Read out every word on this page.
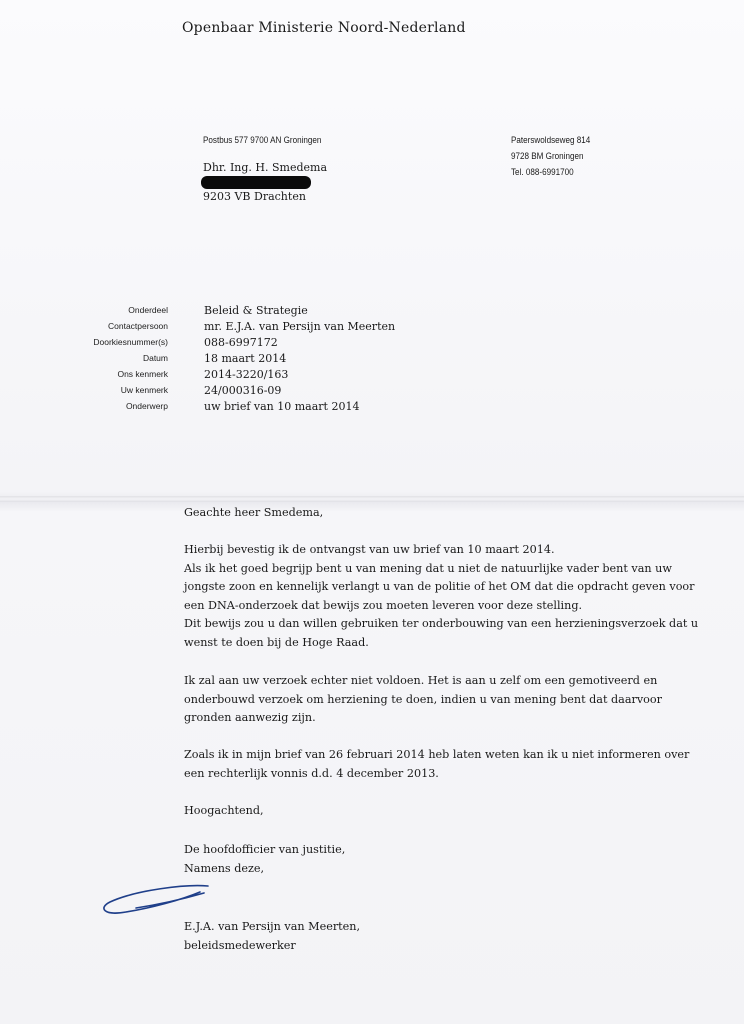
Openbaar Ministerie Noord-Nederland
Postbus 577 9700 AN Groningen	Paterswoldseweg 814
9728 BM Groningen
Tel. 088-6991700
Dhr. Ing. H. Smedema
9203 VB Drachten
Onderdeel	Beleid & Strategie
Contactpersoon	mr. E.J.A. van Persijn van Meerten
Doorkiesnummer(s)	088-6997172
Datum	18 maart 2014
Ons kenmerk	2014-3220/163
Uw kenmerk	24/000316-09
Onderwerp	uw brief van 10 maart 2014
Geachte heer Smedema,
Hierbij bevestig ik de ontvangst van uw brief van 10 maart 2014.
Als ik het goed begrijp bent u van mening dat u niet de natuurlijke vader bent van uw
jongste zoon en kennelijk verlangt u van de politie of het OM dat die opdracht geven voor
een DNA-onderzoek dat bewijs zou moeten leveren voor deze stelling.
Dit bewijs zou u dan willen gebruiken ter onderbouwing van een herzieningsverzoek dat u
wenst te doen bij de Hoge Raad.
Ik zal aan uw verzoek echter niet voldoen. Het is aan u zelf om een gemotiveerd en
onderbouwd verzoek om herziening te doen, indien u van mening bent dat daarvoor
gronden aanwezig zijn.
Zoals ik in mijn brief van 26 februari 2014 heb laten weten kan ik u niet informeren over
een rechterlijk vonnis d.d. 4 december 2013.
Hoogachtend,
De hoofdofficier van justitie,
Namens deze,
E.J.A. van Persijn van Meerten,
beleidsmedewerker
